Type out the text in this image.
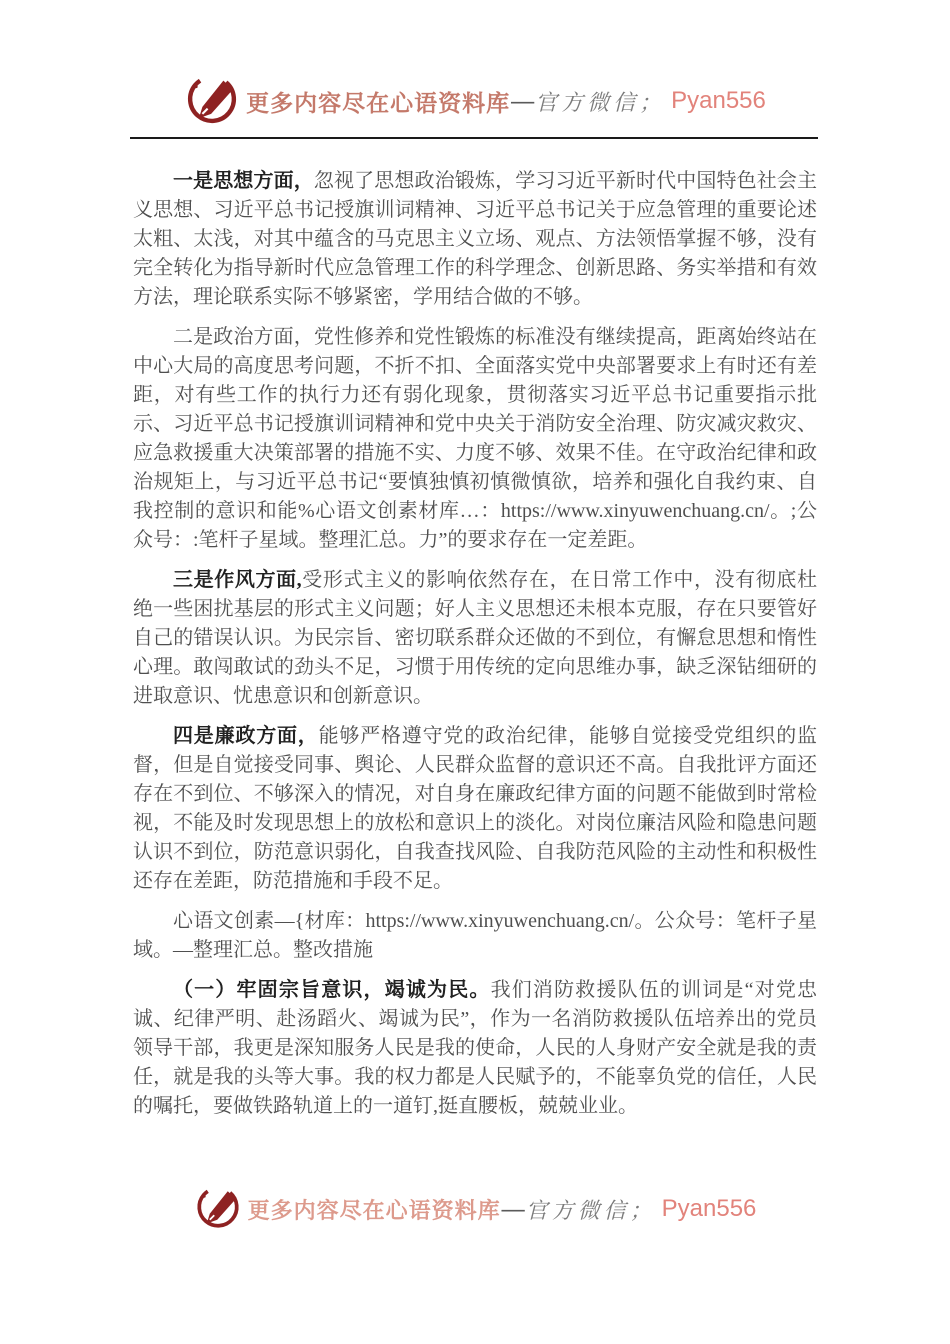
更多内容尽在心语资料库 — 官方微信； Pyan556

一是思想方面，忽视了思想政治锻炼，学习习近平新时代中国特色社会主义思想、习近平总书记授旗训词精神、习近平总书记关于应急管理的重要论述太粗、太浅，对其中蕴含的马克思主义立场、观点、方法领悟掌握不够，没有完全转化为指导新时代应急管理工作的科学理念、创新思路、务实举措和有效方法，理论联系实际不够紧密，学用结合做的不够。

二是政治方面，党性修养和党性锻炼的标准没有继续提高，距离始终站在中心大局的高度思考问题，不折不扣、全面落实党中央部署要求上有时还有差距，对有些工作的执行力还有弱化现象，贯彻落实习近平总书记重要指示批示、习近平总书记授旗训词精神和党中央关于消防安全治理、防灾减灾救灾、应急救援重大决策部署的措施不实、力度不够、效果不佳。在守政治纪律和政治规矩上，与习近平总书记“要慎独慎初慎微慎欲，培养和强化自我约束、自我控制的意识和能%心语文创素材库…：https://www.xinyuwenchuang.cn/。;公众号：:笔杆子星域。整理汇总。力”的要求存在一定差距。

三是作风方面,受形式主义的影响依然存在，在日常工作中，没有彻底杜绝一些困扰基层的形式主义问题；好人主义思想还未根本克服，存在只要管好自己的错误认识。为民宗旨、密切联系群众还做的不到位，有懈怠思想和惰性心理。敢闯敢试的劲头不足，习惯于用传统的定向思维办事，缺乏深钻细研的进取意识、忧患意识和创新意识。

四是廉政方面，能够严格遵守党的政治纪律，能够自觉接受党组织的监督，但是自觉接受同事、舆论、人民群众监督的意识还不高。自我批评方面还存在不到位、不够深入的情况，对自身在廉政纪律方面的问题不能做到时常检视，不能及时发现思想上的放松和意识上的淡化。对岗位廉洁风险和隐患问题认识不到位，防范意识弱化，自我查找风险、自我防范风险的主动性和积极性还存在差距，防范措施和手段不足。

心语文创素—{材库：https://www.xinyuwenchuang.cn/。公众号：笔杆子星域。—整理汇总。整改措施

（一）牢固宗旨意识，竭诚为民。我们消防救援队伍的训词是“对党忠诚、纪律严明、赴汤蹈火、竭诚为民”，作为一名消防救援队伍培养出的党员领导干部，我更是深知服务人民是我的使命，人民的人身财产安全就是我的责任，就是我的头等大事。我的权力都是人民赋予的，不能辜负党的信任，人民的嘱托，要做铁路轨道上的一道钉,挺直腰板，兢兢业业。

更多内容尽在心语资料库 — 官方微信； Pyan556
